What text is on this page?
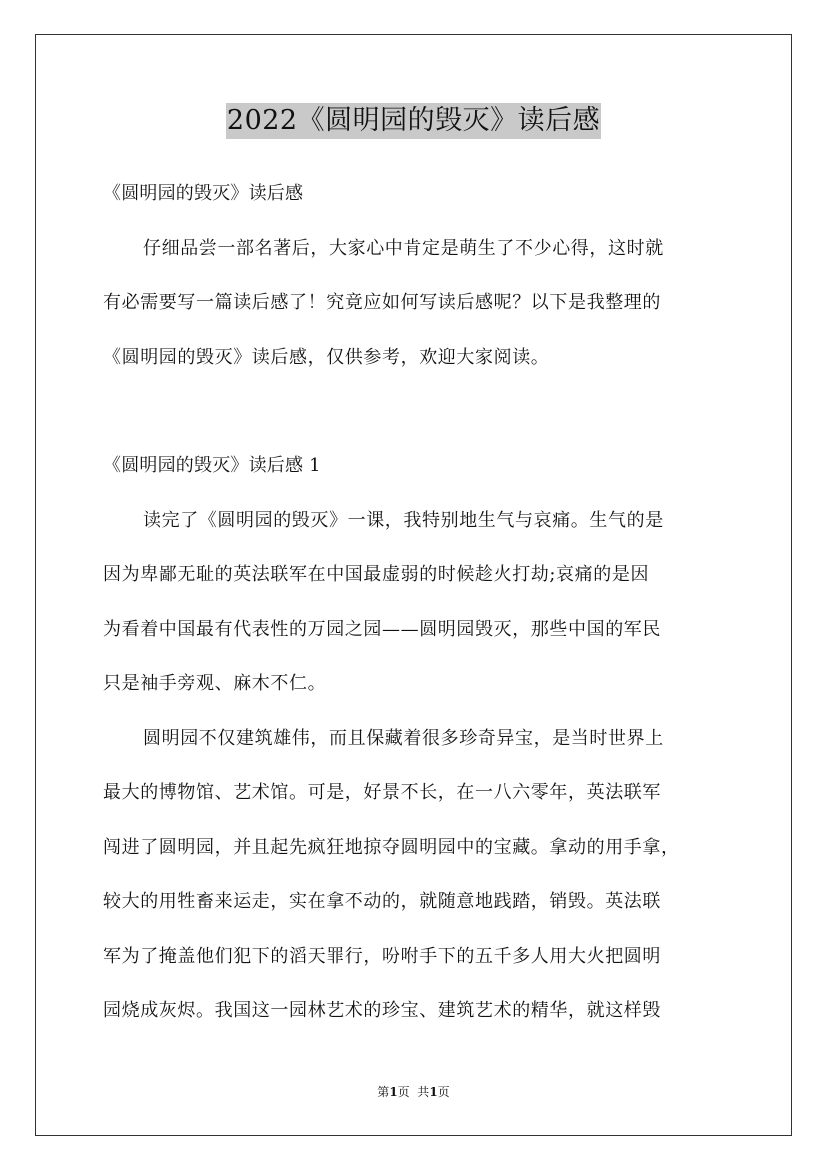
2022《圆明园的毁灭》读后感
《圆明园的毁灭》读后感
仔细品尝一部名著后，大家心中肯定是萌生了不少心得，这时就
有必需要写一篇读后感了！究竟应如何写读后感呢？以下是我整理的
《圆明园的毁灭》读后感，仅供参考，欢迎大家阅读。
《圆明园的毁灭》读后感 1
读完了《圆明园的毁灭》一课，我特别地生气与哀痛。生气的是
因为卑鄙无耻的英法联军在中国最虚弱的时候趁火打劫;哀痛的是因
为看着中国最有代表性的万园之园——圆明园毁灭，那些中国的军民
只是袖手旁观、麻木不仁。
圆明园不仅建筑雄伟，而且保藏着很多珍奇异宝，是当时世界上
最大的博物馆、艺术馆。可是，好景不长，在一八六零年，英法联军
闯进了圆明园，并且起先疯狂地掠夺圆明园中的宝藏。拿动的用手拿，
较大的用牲畜来运走，实在拿不动的，就随意地践踏，销毁。英法联
军为了掩盖他们犯下的滔天罪行，吩咐手下的五千多人用大火把圆明
园烧成灰烬。我国这一园林艺术的珍宝、建筑艺术的精华，就这样毁
第1页  共1页
